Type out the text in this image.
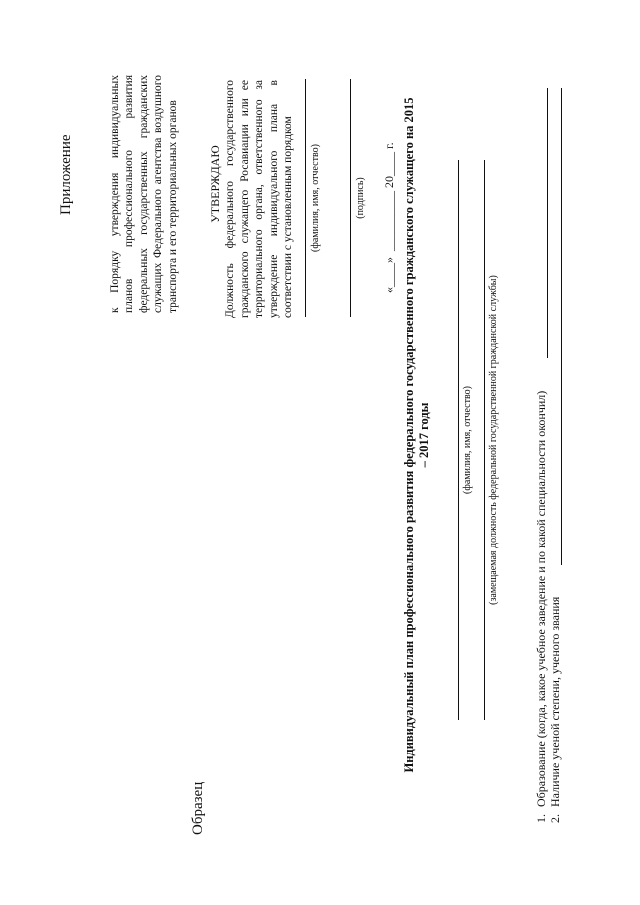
Приложение	к Порядку утверждения индивидуальных планов профессионального развития федеральных государственных гражданских служащих Федерального агентства воздушного транспорта и его территориальных органов УТВЕРЖДАЮ Должность федерального государственного гражданского служащего Росавиации или ее территориального органа, ответственного за утверждение индивидуального плана в соответствии с установленным порядком (фамилия, имя, отчество)	(подпись) «____»  __________ 20____ г.
Образец
Индивидуальный план профессионального развития федерального государственного гражданского служащего на 2015 – 2017 годы	(фамилия, имя, отчество) (замещаемая должность федеральной государственной гражданской службы)
1. Образование (когда, какое учебное заведение и по какой специальности окончил)
2. Наличие ученой степени, ученого звания
